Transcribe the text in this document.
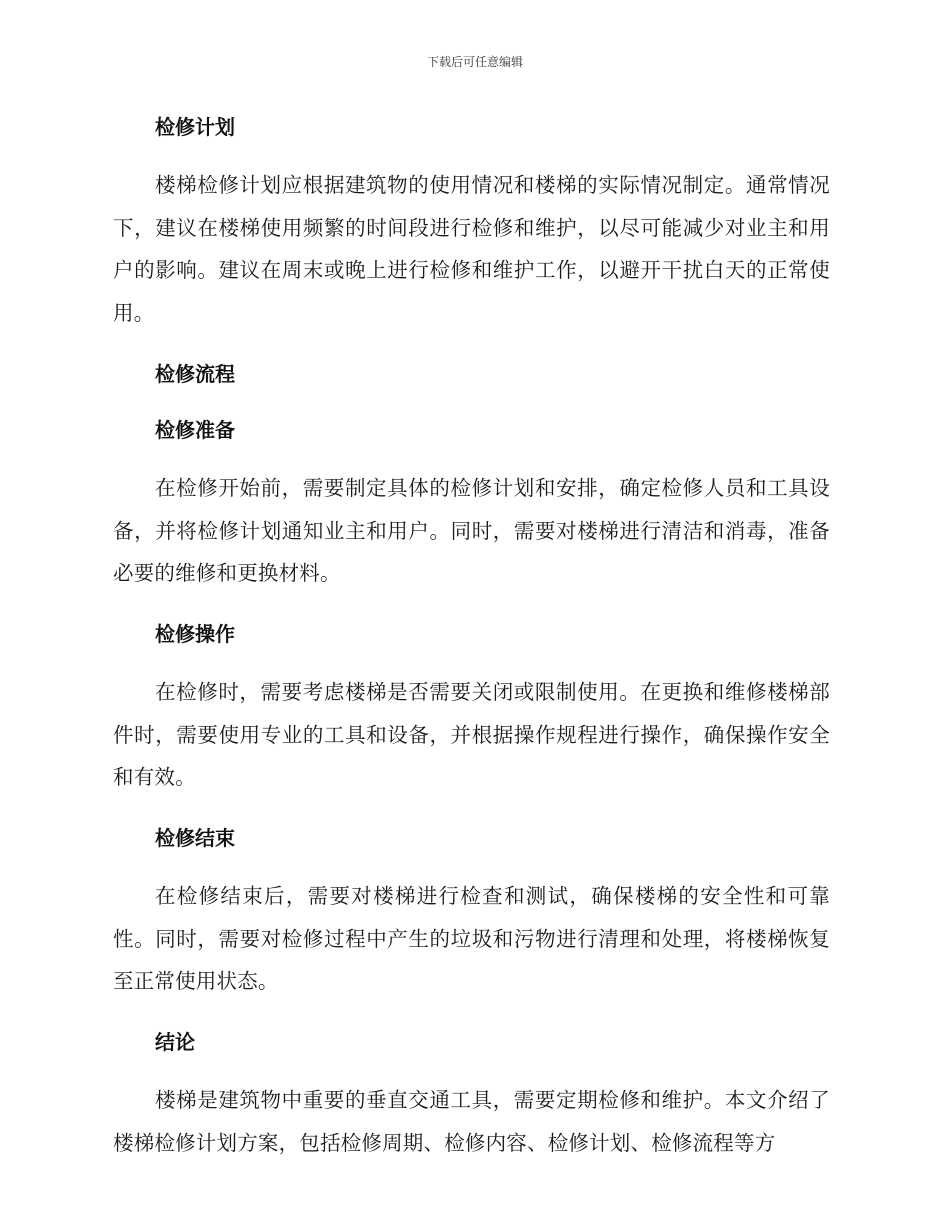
下载后可任意编辑
检修计划

楼梯检修计划应根据建筑物的使用情况和楼梯的实际情况制定。通常情况下，建议在楼梯使用频繁的时间段进行检修和维护，以尽可能减少对业主和用户的影响。建议在周末或晚上进行检修和维护工作，以避开干扰白天的正常使用。

检修流程
检修准备

在检修开始前，需要制定具体的检修计划和安排，确定检修人员和工具设备，并将检修计划通知业主和用户。同时，需要对楼梯进行清洁和消毒，准备必要的维修和更换材料。

检修操作

在检修时，需要考虑楼梯是否需要关闭或限制使用。在更换和维修楼梯部件时，需要使用专业的工具和设备，并根据操作规程进行操作，确保操作安全和有效。

检修结束

在检修结束后，需要对楼梯进行检查和测试，确保楼梯的安全性和可靠性。同时，需要对检修过程中产生的垃圾和污物进行清理和处理，将楼梯恢复至正常使用状态。

结论

楼梯是建筑物中重要的垂直交通工具，需要定期检修和维护。本文介绍了楼梯检修计划方案，包括检修周期、检修内容、检修计划、检修流程等方
